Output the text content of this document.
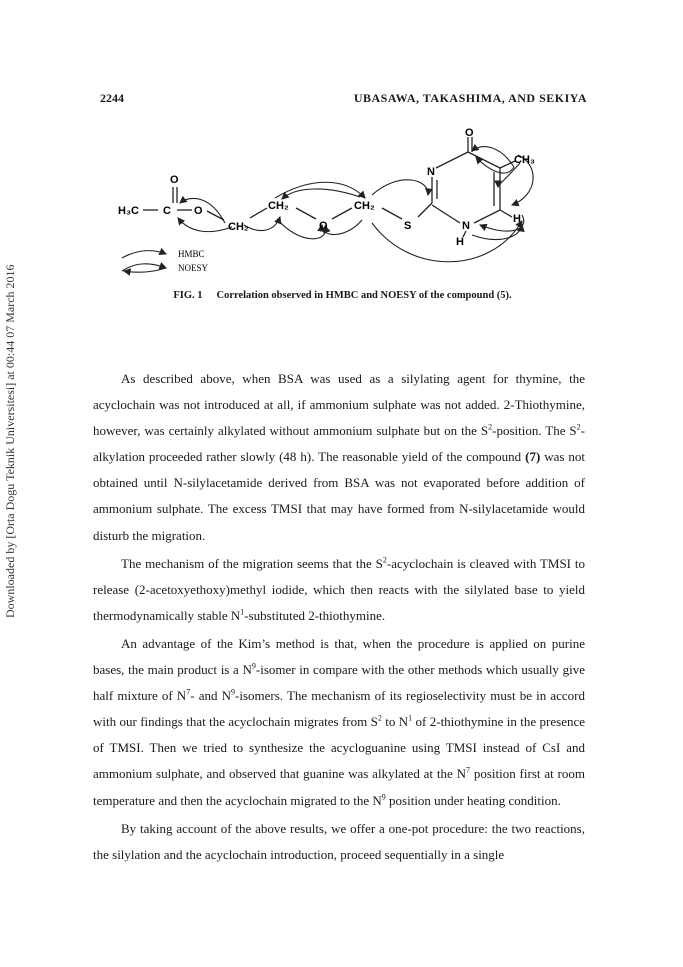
Downloaded by [Orta Dogu Teknik Universitesi] at 00:44 07 March 2016
2244	UBASAWA, TAKASHIMA, AND SEKIYA
H₃C C
O
O
CH₂
CH₂
O
CH₂
S
O
N
N
CH₃
H
H
HMBC
NOESY
FIG. 1 Correlation observed in HMBC and NOESY of the compound (5).

As described above, when BSA was used as a silylating agent for thymine, the acyclochain was not introduced at all, if ammonium sulphate was not added. 2-Thiothymine, however, was certainly alkylated without ammonium sulphate but on the $S^2$-position. The $S^2$-alkylation proceeded rather slowly (48 h). The reasonable yield of the compound (7) was not obtained until N-silylacetamide derived from BSA was not evaporated before addition of ammonium sulphate. The excess TMSI that may have formed from N-silylacetamide would disturb the migration.

The mechanism of the migration seems that the $S^2$-acyclochain is cleaved with TMSI to release (2-acetoxyethoxy)methyl iodide, which then reacts with the silylated base to yield thermodynamically stable $N^1$-substituted 2-thiothymine.

An advantage of the Kim’s method is that, when the procedure is applied on purine bases, the main product is a $N^9$-isomer in compare with the other methods which usually give half mixture of $N^7-$ and $N^9$-isomers. The mechanism of its regioselectivity must be in accord with our findings that the acyclochain migrates from $S^2$ to $N^1$ of 2-thiothymine in the presence of TMSI. Then we tried to synthesize the acycloguanine using TMSI instead of CsI and ammonium sulphate, and observed that guanine was alkylated at the $N^7$ position first at room temperature and then the acyclochain migrated to the $N^9$ position under heating condition.

By taking account of the above results, we offer a one-pot procedure: the two reactions, the silylation and the acyclochain introduction, proceed sequentially in a single
